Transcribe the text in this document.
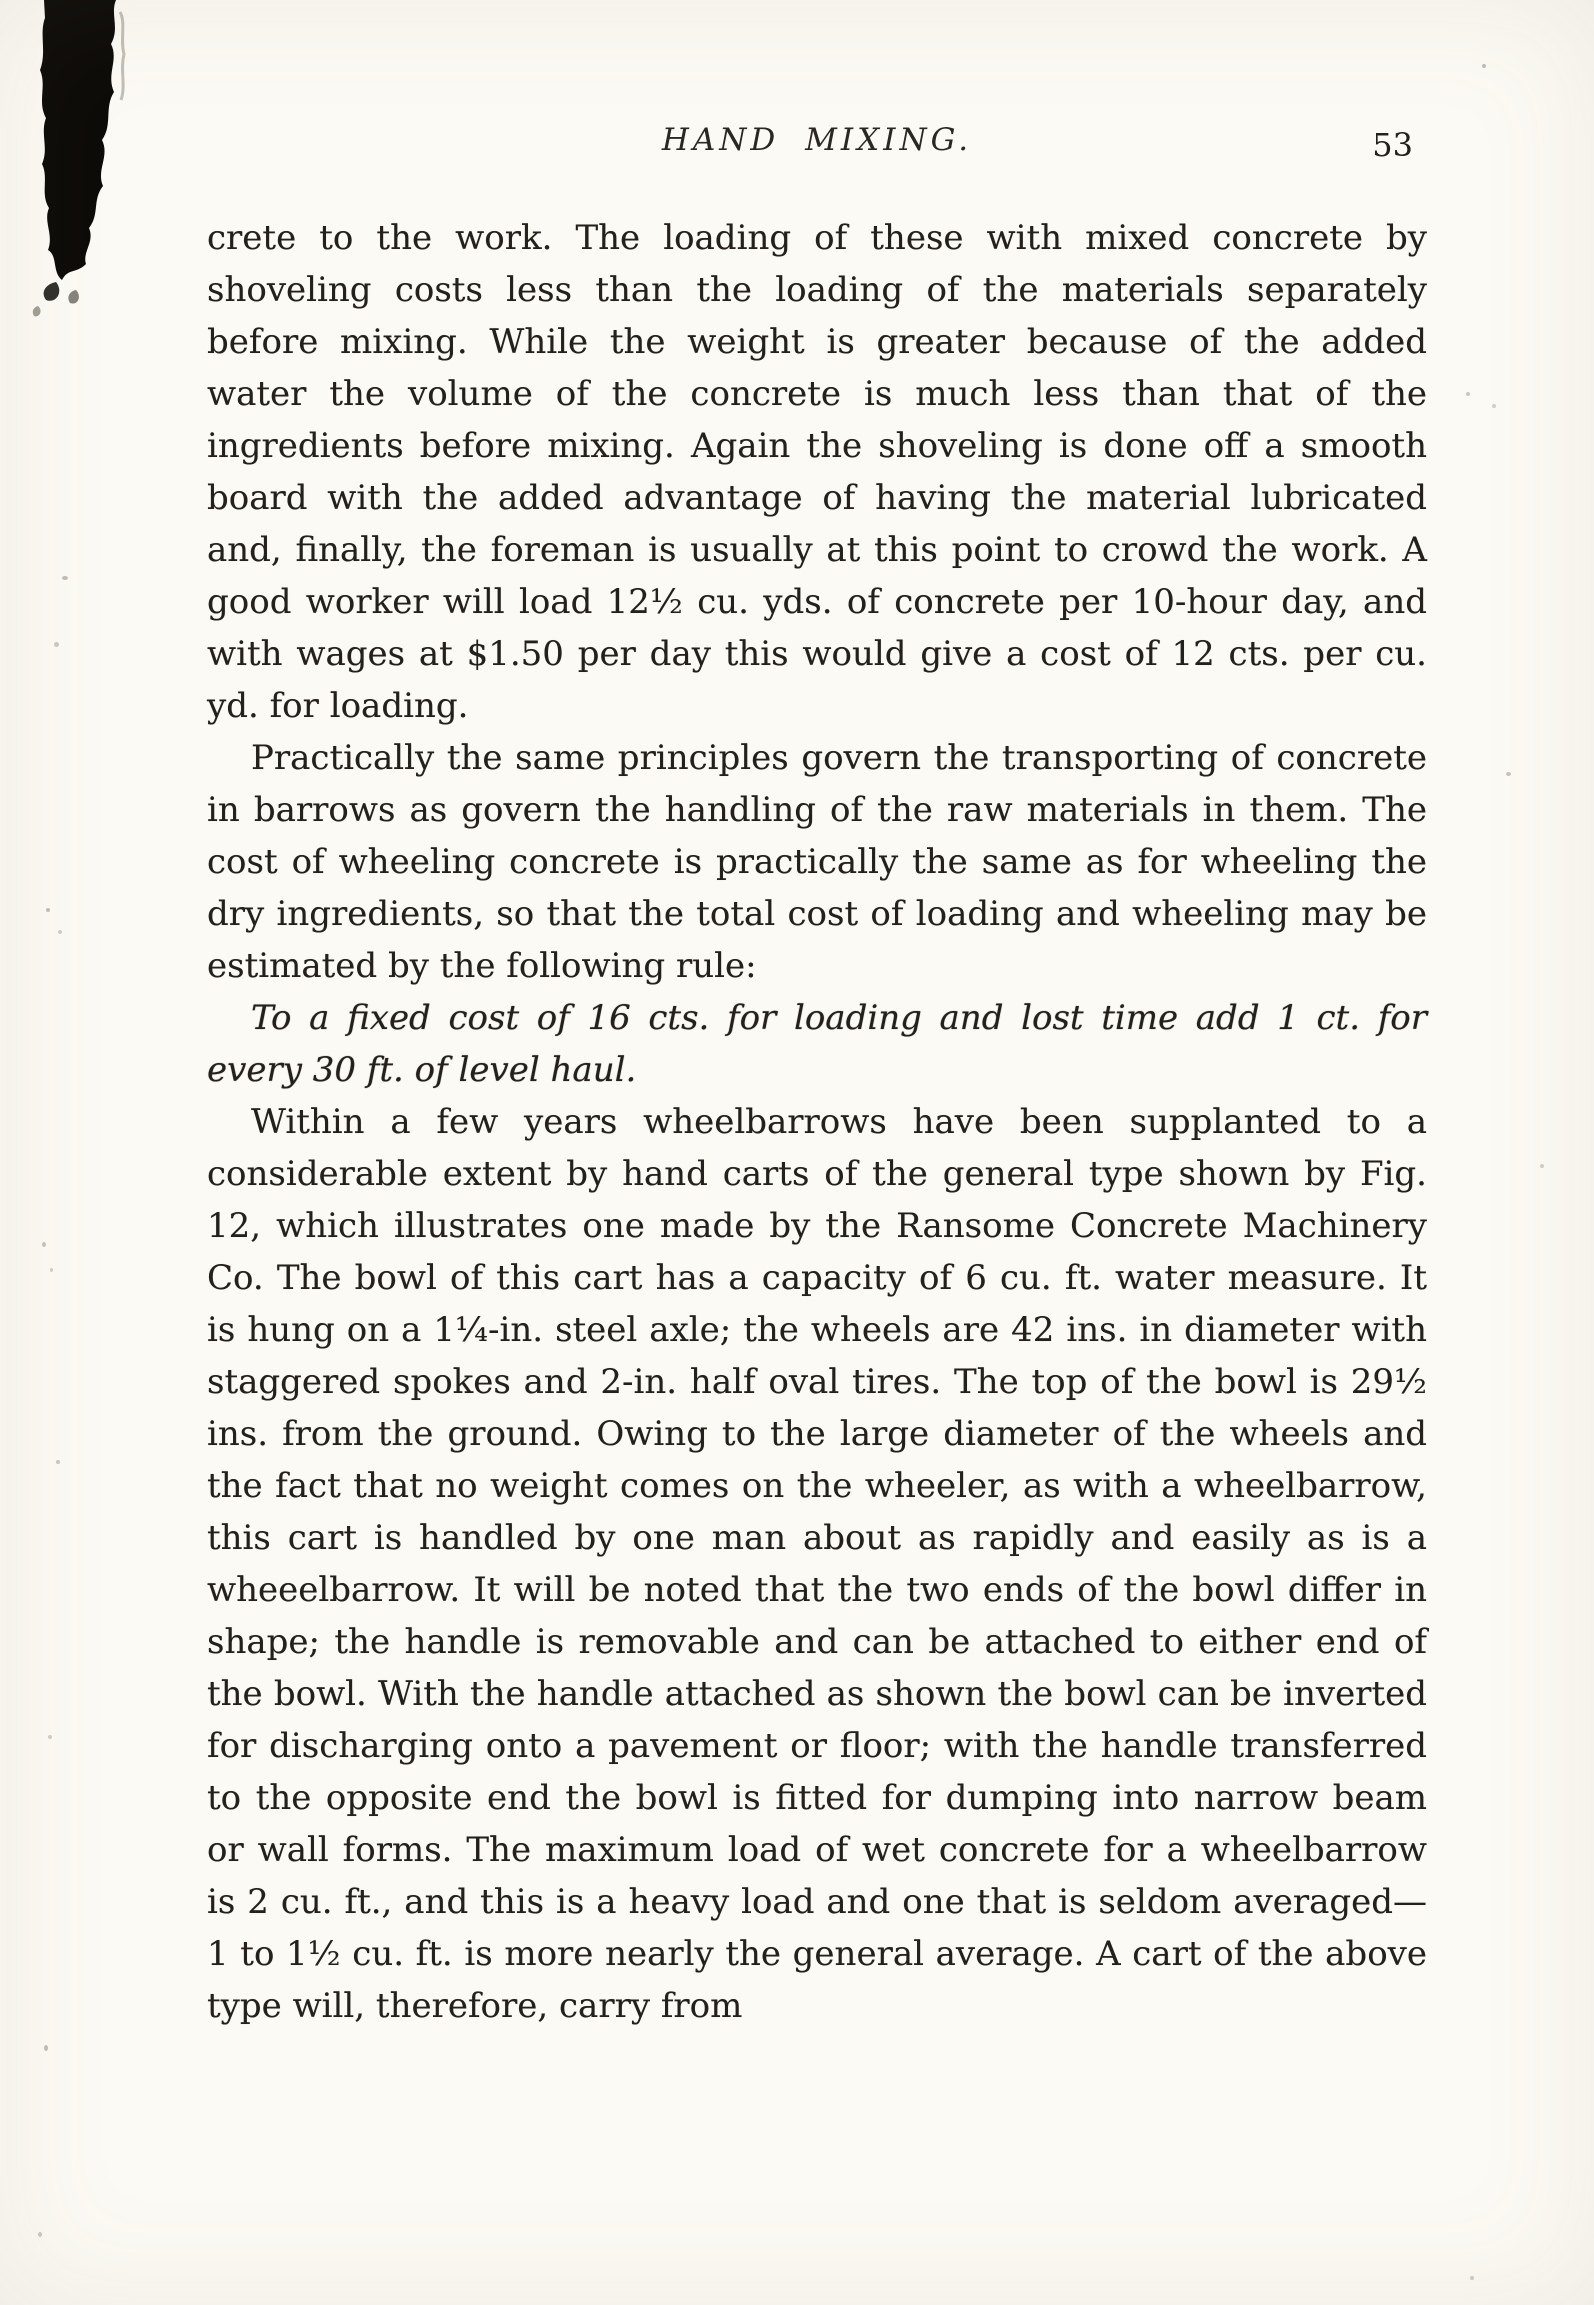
HAND MIXING.	53

crete to the work. The loading of these with mixed concrete by shoveling costs less than the loading of the materials separately before mixing. While the weight is greater because of the added water the volume of the concrete is much less than that of the ingredients before mixing. Again the shoveling is done off a smooth board with the added advantage of having the material lubricated and, finally, the foreman is usually at this point to crowd the work. A good worker will load 12½ cu. yds. of concrete per 10-hour day, and with wages at $1.50 per day this would give a cost of 12 cts. per cu. yd. for loading.

Practically the same principles govern the transporting of concrete in barrows as govern the handling of the raw materials in them. The cost of wheeling concrete is practically the same as for wheeling the dry ingredients, so that the total cost of loading and wheeling may be estimated by the following rule:

To a fixed cost of 16 cts. for loading and lost time add 1 ct. for every 30 ft. of level haul.

Within a few years wheelbarrows have been supplanted to a considerable extent by hand carts of the general type shown by Fig. 12, which illustrates one made by the Ransome Concrete Machinery Co. The bowl of this cart has a capacity of 6 cu. ft. water measure. It is hung on a 1¼-in. steel axle; the wheels are 42 ins. in diameter with staggered spokes and 2-in. half oval tires. The top of the bowl is 29½ ins. from the ground. Owing to the large diameter of the wheels and the fact that no weight comes on the wheeler, as with a wheelbarrow, this cart is handled by one man about as rapidly and easily as is a wheeelbarrow. It will be noted that the two ends of the bowl differ in shape; the handle is removable and can be attached to either end of the bowl. With the handle attached as shown the bowl can be inverted for discharging onto a pavement or floor; with the handle transferred to the opposite end the bowl is fitted for dumping into narrow beam or wall forms. The maximum load of wet concrete for a wheelbarrow is 2 cu. ft., and this is a heavy load and one that is seldom averaged—1 to 1½ cu. ft. is more nearly the general average. A cart of the above type will, therefore, carry from
